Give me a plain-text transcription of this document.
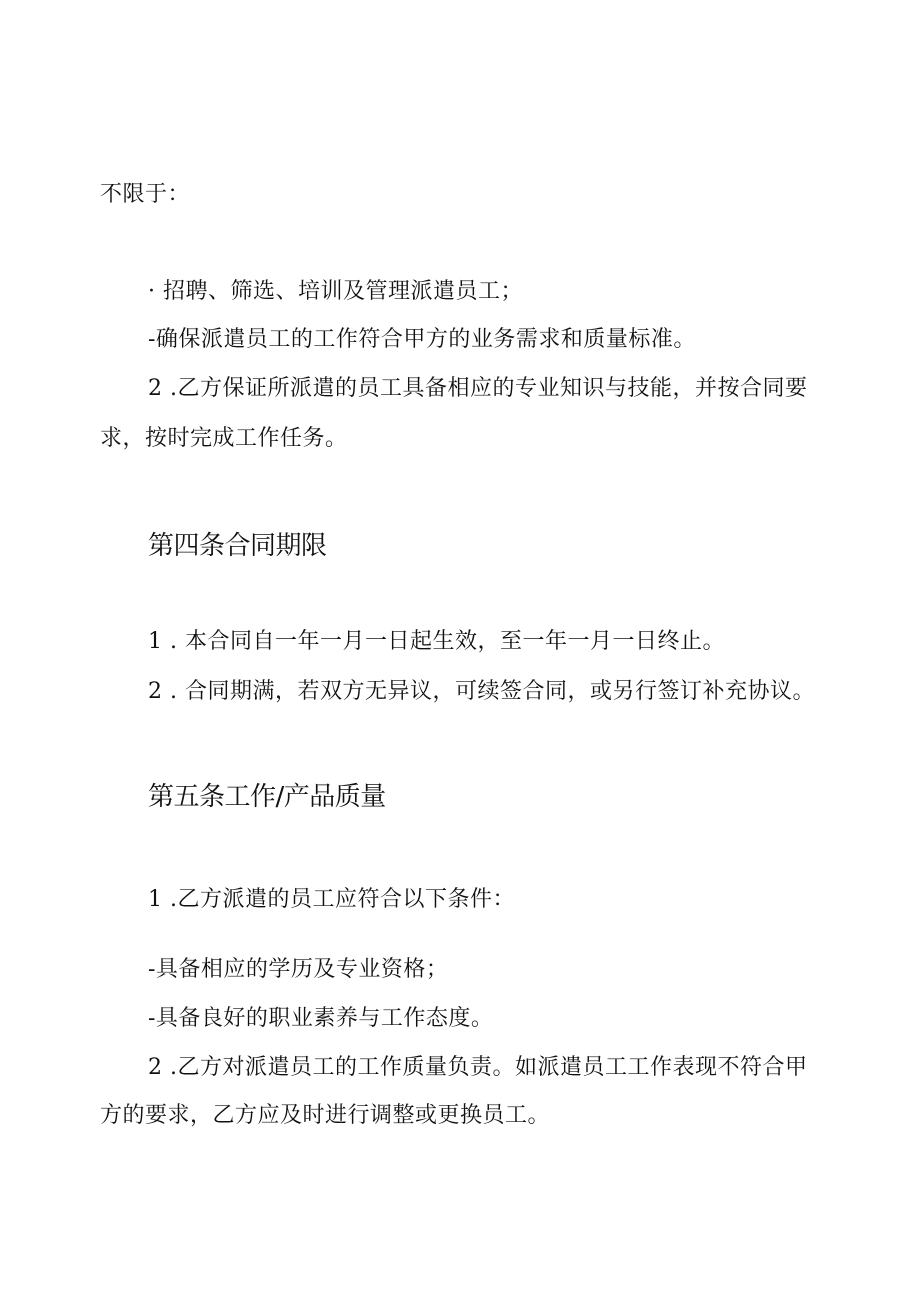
不限于：
· 招聘、筛选、培训及管理派遣员工；
-确保派遣员工的工作符合甲方的业务需求和质量标准。
2 .乙方保证所派遣的员工具备相应的专业知识与技能，并按合同要
求，按时完成工作任务。
第四条合同期限
1 . 本合同自一年一月一日起生效，至一年一月一日终止。
2 . 合同期满，若双方无异议，可续签合同，或另行签订补充协议。
第五条工作/产品质量
1 .乙方派遣的员工应符合以下条件：
-具备相应的学历及专业资格；
-具备良好的职业素养与工作态度。
2 .乙方对派遣员工的工作质量负责。如派遣员工工作表现不符合甲
方的要求，乙方应及时进行调整或更换员工。
